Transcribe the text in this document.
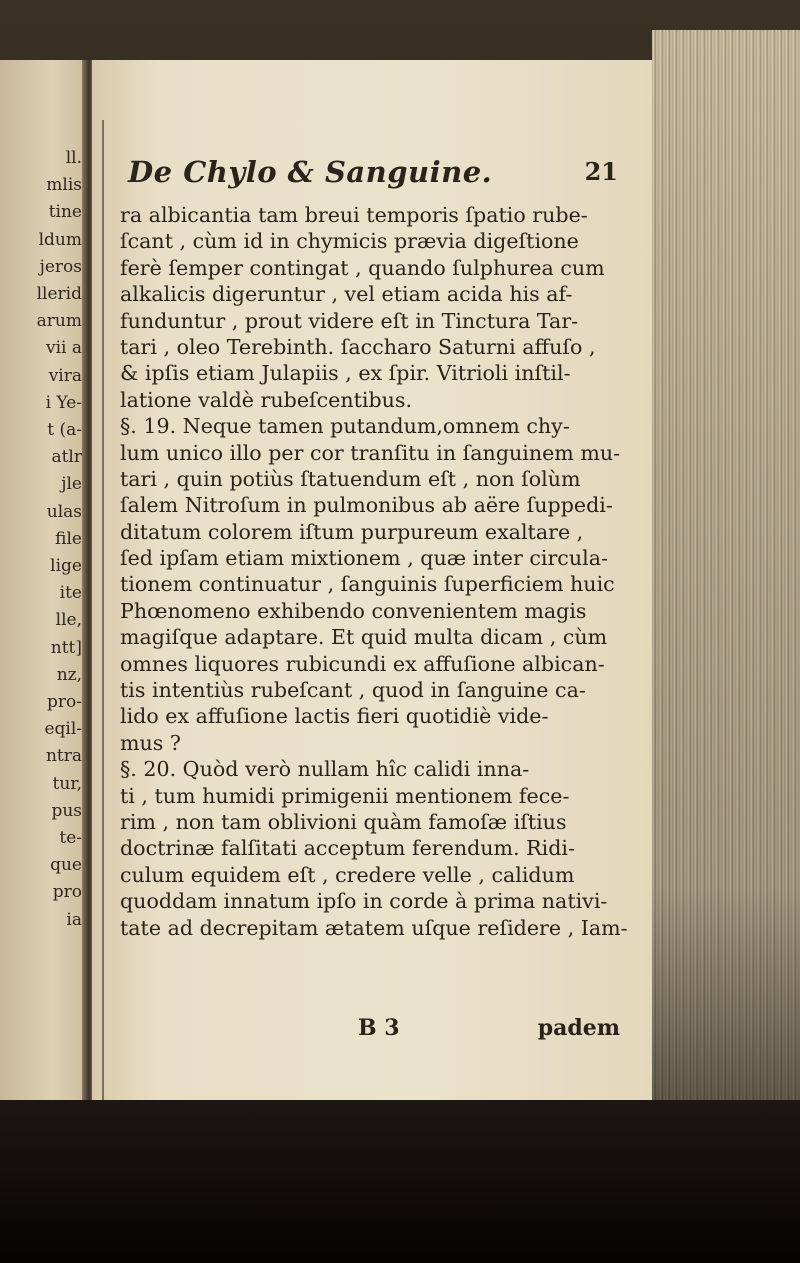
ll.
mlis
tine
ldum
jeros
llerid
arum
vii a
vira
i Ye-
t (a-
atlr
jle
ulas
file
lige
ite
lle,
ntt]
nz,
pro-
eqil-
ntra
tur,
pus
te-
que
pro
ia
De Chylo & Sanguine.	21
ra albicantia tam breui temporis ſpatio rube-
ſcant , cùm id in chymicis prævia digeſtione
ferè ſemper contingat , quando ſulphurea cum
alkalicis digeruntur , vel etiam acida his af-
funduntur , prout videre eſt in Tinctura Tar-
tari , oleo Terebinth. ſaccharo Saturni affuſo ,
& ipſis etiam Julapiis , ex ſpir. Vitrioli inſtil-
latione valdè rubeſcentibus.
§. 19. Neque tamen putandum,omnem chy-
lum unico illo per cor tranſitu in ſanguinem mu-
tari , quin potiùs ſtatuendum eſt , non ſolùm
ſalem Nitroſum in pulmonibus ab aëre ſuppedi-
ditatum colorem iſtum purpureum exaltare ,
ſed ipſam etiam mixtionem , quæ inter circula-
tionem continuatur , ſanguinis ſuperficiem huic
Phœnomeno exhibendo convenientem magis
magiſque adaptare. Et quid multa dicam , cùm
omnes liquores rubicundi ex affuſione albican-
tis intentiùs rubeſcant , quod in ſanguine ca-
lido ex affuſione lactis fieri quotidiè vide-
mus ?
§. 20. Quòd verò nullam hîc calidi inna-
ti , tum humidi primigenii mentionem fece-
rim , non tam oblivioni quàm famoſæ iſtius
doctrinæ falſitati acceptum ferendum. Ridi-
culum equidem eſt , credere velle , calidum
quoddam innatum ipſo in corde à prima nativi-
tate ad decrepitam ætatem uſque reſidere , Iam-
B 3	padem
